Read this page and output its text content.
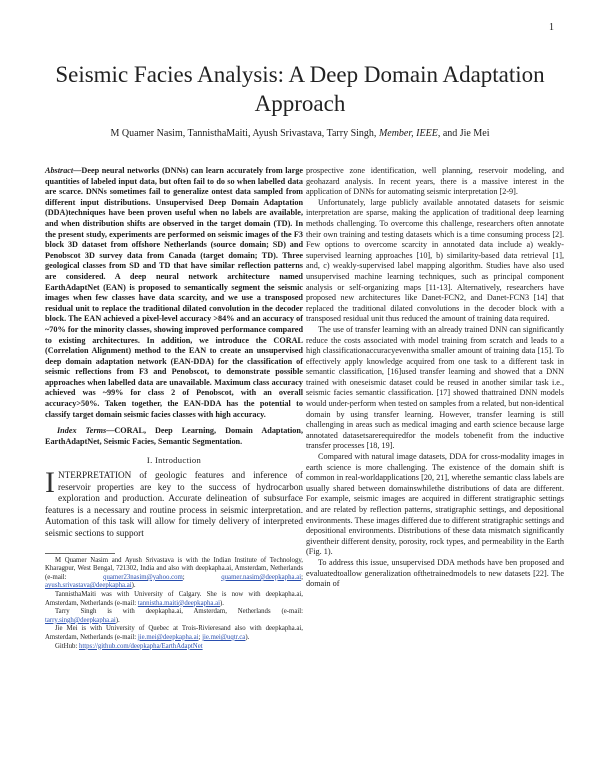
1
Seismic Facies Analysis: A Deep Domain Adaptation Approach
M Quamer Nasim, TannisthaMaiti, Ayush Srivastava, Tarry Singh, Member, IEEE, and Jie Mei

Abstract—Deep neural networks (DNNs) can learn accurately from large quantities of labeled input data, but often fail to do so when labelled data are scarce. DNNs sometimes fail to generalize ontest data sampled from different input distributions. Unsupervised Deep Domain Adaptation (DDA)techniques have been proven useful when no labels are available, and when distribution shifts are observed in the target domain (TD). In the present study, experiments are performed on seismic images of the F3 block 3D dataset from offshore Netherlands (source domain; SD) and Penobscot 3D survey data from Canada (target domain; TD). Three geological classes from SD and TD that have similar reflection patterns are considered. A deep neural network architecture named EarthAdaptNet (EAN) is proposed to semantically segment the seismic images when few classes have data scarcity, and we use a transposed residual unit to replace the traditional dilated convolution in the decoder block. The EAN achieved a pixel-level accuracy >84% and an accuracy of ~70% for the minority classes, showing improved performance compared to existing architectures. In addition, we introduce the CORAL (Correlation Alignment) method to the EAN to create an unsupervised deep domain adaptation network (EAN-DDA) for the classification of seismic reflections from F3 and Penobscot, to demonstrate possible approaches when labelled data are unavailable. Maximum class accuracy achieved was ~99% for class 2 of Penobscot, with an overall accuracy>50%. Taken together, the EAN-DDA has the potential to classify target domain seismic facies classes with high accuracy.

Index Terms—CORAL, Deep Learning, Domain Adaptation, EarthAdaptNet, Seismic Facies, Semantic Segmentation.

I. Introduction

INTERPRETATION of geologic features and inference of reservoir properties are key to the success of hydrocarbon exploration and production. Accurate delineation of subsurface features is a necessary and routine process in seismic interpretation. Automation of this task will allow for timely delivery of interpreted seismic sections to support

M Quamer Nasim and Ayush Srivastava is with the Indian Institute of Technology, Kharagpur, West Bengal, 721302, India and also with deepkapha.ai, Amsterdam, Netherlands (e-mail:	quamer23nasim@yahoo.com; quamer.nasim@deepkapha.ai; ayush.srivastava@deepkapha.ai).

TannisthaMaiti was with University of Calgary. She is now with deepkapha.ai, Amsterdam, Netherlands (e-mail: tannistha.maiti@deepkapha.ai).

Tarry Singh is with deepkapha.ai, Amsterdam, Netherlands (e-mail: tarry.singh@deepkapha.ai).

Jie Mei is with University of Quebec at Trois-Rivieresand also with deepkapha.ai, Amsterdam, Netherlands (e-mail: jie.mei@deepkapha.ai; jie.mei@uqtr.ca).

GitHub: https://github.com/deepkapha/EarthAdaptNet

prospective zone identification, well planning, reservoir modeling, and geohazard analysis. In recent years, there is a massive interest in the application of DNNs for automating seismic interpretation [2-9].

Unfortunately, large publicly available annotated datasets for seismic interpretation are sparse, making the application of traditional deep learning methods challenging. To overcome this challenge, researchers often annotate their own training and testing datasets which is a time consuming process [2]. Few options to overcome scarcity in annotated data include a) weakly-supervised learning approaches [10], b) similarity-based data retrieval [1], and, c) weakly-supervised label mapping algorithm. Studies have also used unsupervised machine learning techniques, such as principal component analysis or self-organizing maps [11-13]. Alternatively, researchers have proposed new architectures like Danet-FCN2, and Danet-FCN3 [14] that replaced the traditional dilated convolutions in the decoder block with a transposed residual unit thus reduced the amount of training data required.

The use of transfer learning with an already trained DNN can significantly reduce the costs associated with model training from scratch and leads to a high classificationaccuracyevenwitha smaller amount of training data [15]. To effectively apply knowledge acquired from one task to a different task in semantic classification, [16]used transfer learning and showed that a DNN trained with oneseismic dataset could be reused in another similar task i.e., seismic facies semantic classification. [17] showed thattrained DNN models would under-perform when tested on samples from a related, but non-identical domain by using transfer learning. However, transfer learning is still challenging in areas such as medical imaging and earth science because large annotated datasetsarerequiredfor the models tobenefit from the inductive transfer processes [18, 19].

Compared with natural image datasets, DDA for cross-modality images in earth science is more challenging. The existence of the domain shift is common in real-worldapplications [20, 21], wherethe semantic class labels are usually shared between domainswhilethe distributions of data are different. For example, seismic images are acquired in different stratigraphic settings and are related by reflection patterns, stratigraphic settings, and depositional environments. These images differed due to different stratigraphic settings and depositional environments. Distributions of these data mismatch significantly giventheir different density, porosity, rock types, and permeability in the Earth (Fig. 1).

To address this issue, unsupervised DDA methods have ben proposed and evaluatedtoallow generalization ofthetrainedmodels to new datasets [22]. The domain of
